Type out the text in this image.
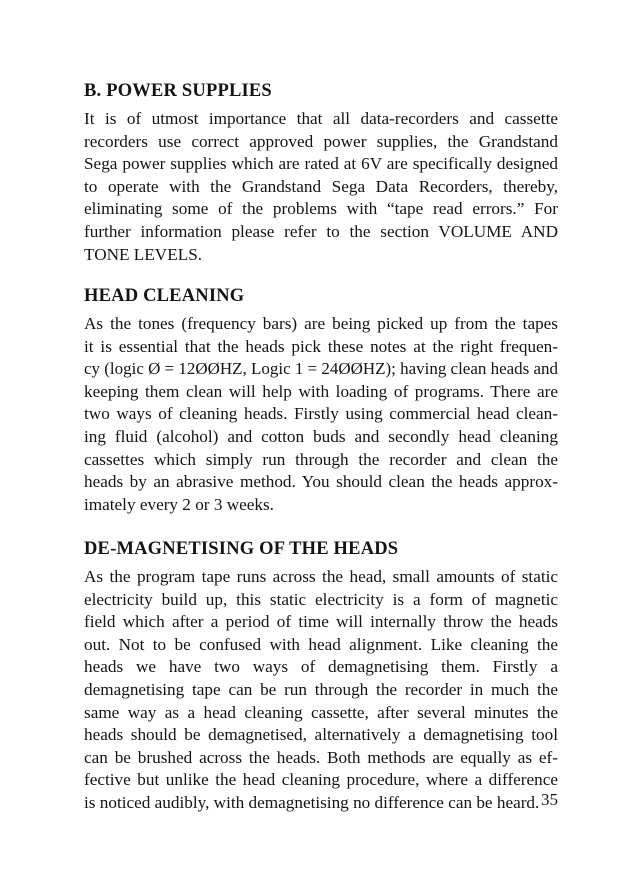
B. POWER SUPPLIES

It is of utmost importance that all data-recorders and cassette
recorders use correct approved power supplies, the Grandstand
Sega power supplies which are rated at 6V are specifically designed
to operate with the Grandstand Sega Data Recorders, thereby,
eliminating some of the problems with “tape read errors.” For
further information please refer to the section VOLUME AND
TONE LEVELS.

HEAD CLEANING

As the tones (frequency bars) are being picked up from the tapes
it is essential that the heads pick these notes at the right frequen-
cy (logic Ø = 12ØØHZ, Logic 1 = 24ØØHZ); having clean heads and
keeping them clean will help with loading of programs. There are
two ways of cleaning heads. Firstly using commercial head clean-
ing fluid (alcohol) and cotton buds and secondly head cleaning
cassettes which simply run through the recorder and clean the
heads by an abrasive method. You should clean the heads approx-
imately every 2 or 3 weeks.

DE-MAGNETISING OF THE HEADS

As the program tape runs across the head, small amounts of static
electricity build up, this static electricity is a form of magnetic
field which after a period of time will internally throw the heads
out. Not to be confused with head alignment. Like cleaning the
heads we have two ways of demagnetising them. Firstly a
demagnetising tape can be run through the recorder in much the
same way as a head cleaning cassette, after several minutes the
heads should be demagnetised, alternatively a demagnetising tool
can be brushed across the heads. Both methods are equally as ef-
fective but unlike the head cleaning procedure, where a difference
is noticed audibly, with demagnetising no difference can be heard. 35
